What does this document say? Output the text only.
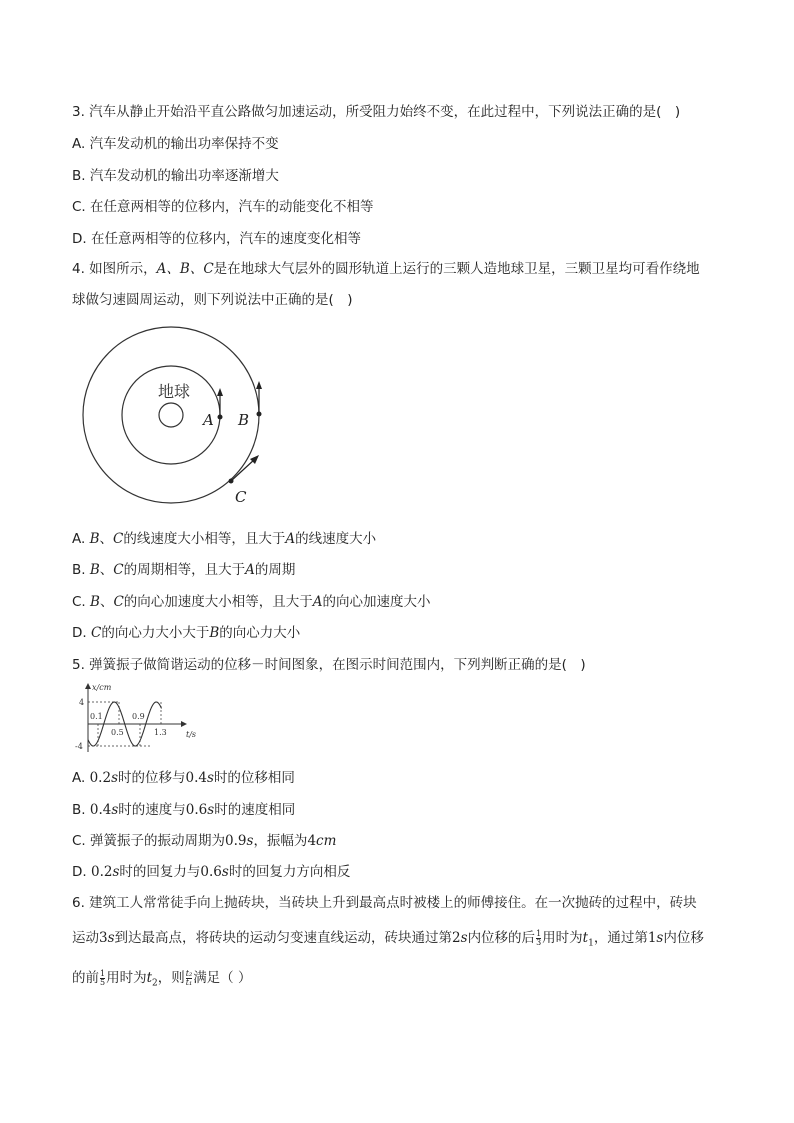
3. 汽车从静止开始沿平直公路做匀加速运动，所受阻力始终不变，在此过程中，下列说法正确的是(　)
A. 汽车发动机的输出功率保持不变
B. 汽车发动机的输出功率逐渐增大
C. 在任意两相等的位移内，汽车的动能变化不相等
D. 在任意两相等的位移内，汽车的速度变化相等
4. 如图所示，A、B、C是在地球大气层外的圆形轨道上运行的三颗人造地球卫星，三颗卫星均可看作绕地
球做匀速圆周运动，则下列说法中正确的是(　)
地球
A B
C
A. B、C的线速度大小相等，且大于A的线速度大小
B. B、C的周期相等，且大于A的周期
C. B、C的向心加速度大小相等，且大于A的向心加速度大小
D. C的向心力大小大于B的向心力大小
5. 弹簧振子做简谐运动的位移－时间图象，在图示时间范围内，下列判断正确的是(　)
x/cm
t/s
4
-4
0.1
0.5
0.9
1.3
A. 0.2s时的位移与0.4s时的位移相同
B. 0.4s时的速度与0.6s时的速度相同
C. 弹簧振子的振动周期为0.9s，振幅为4cm
D. 0.2s时的回复力与0.6s时的回复力方向相反
6. 建筑工人常常徒手向上抛砖块，当砖块上升到最高点时被楼上的师傅接住。在一次抛砖的过程中，砖块
运动3s到达最高点，将砖块的运动匀变速直线运动，砖块通过第2s内位移的后 $\frac{1}{3}$ 用时为$t_1$，通过第1s内位移
的前 $\frac{1}{5}$ 用时为$t_2$，则 $\frac{\text{t₂}}{\text{t₁}}$ 满足（ ）
